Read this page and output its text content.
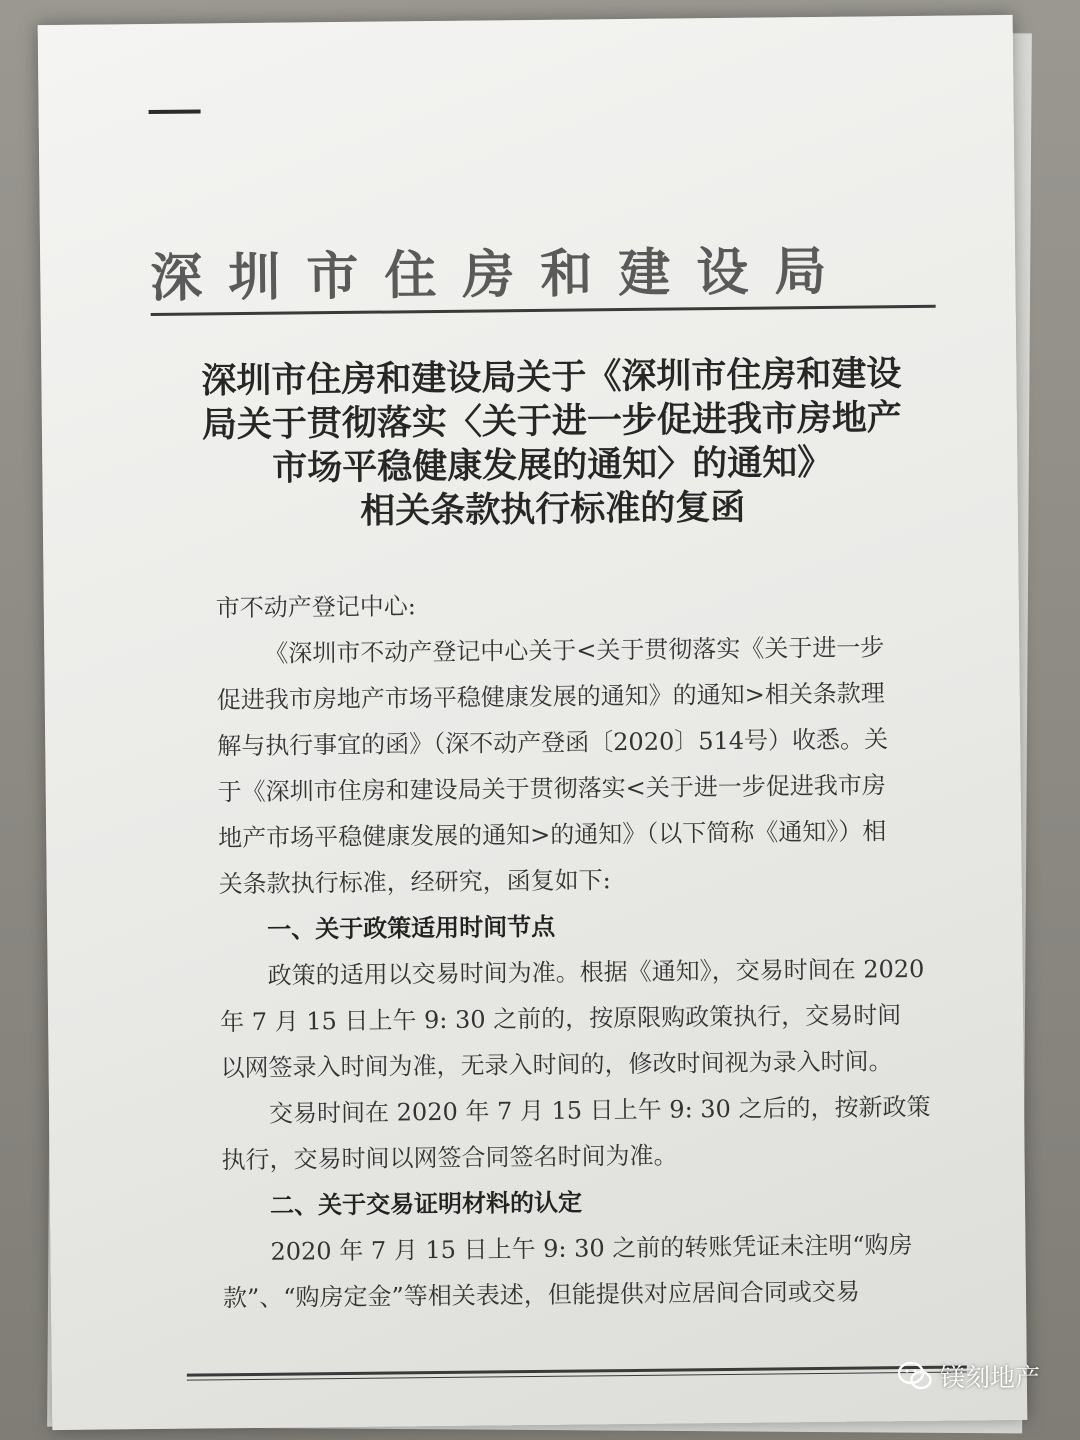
深圳市住房和建设局
深圳市住房和建设局关于《深圳市住房和建设
局关于贯彻落实〈关于进一步促进我市房地产
市场平稳健康发展的通知〉的通知》
相关条款执行标准的复函
市不动产登记中心:
《深圳市不动产登记中心关于<关于贯彻落实《关于进一步
促进我市房地产市场平稳健康发展的通知》的通知>相关条款理
解与执行事宜的函》（深不动产登函〔2020〕514号）收悉。关
于《深圳市住房和建设局关于贯彻落实<关于进一步促进我市房
地产市场平稳健康发展的通知>的通知》（以下简称《通知》）相
关条款执行标准，经研究，函复如下:
一、关于政策适用时间节点
政策的适用以交易时间为准。根据《通知》，交易时间在 2020
年 7 月 15 日上午 9: 30 之前的，按原限购政策执行，交易时间
以网签录入时间为准，无录入时间的，修改时间视为录入时间。
交易时间在 2020 年 7 月 15 日上午 9: 30 之后的，按新政策
执行，交易时间以网签合同签名时间为准。
二、关于交易证明材料的认定
2020 年 7 月 15 日上午 9: 30 之前的转账凭证未注明“购房
款”、“购房定金”等相关表述，但能提供对应居间合同或交易
镁刻地产
